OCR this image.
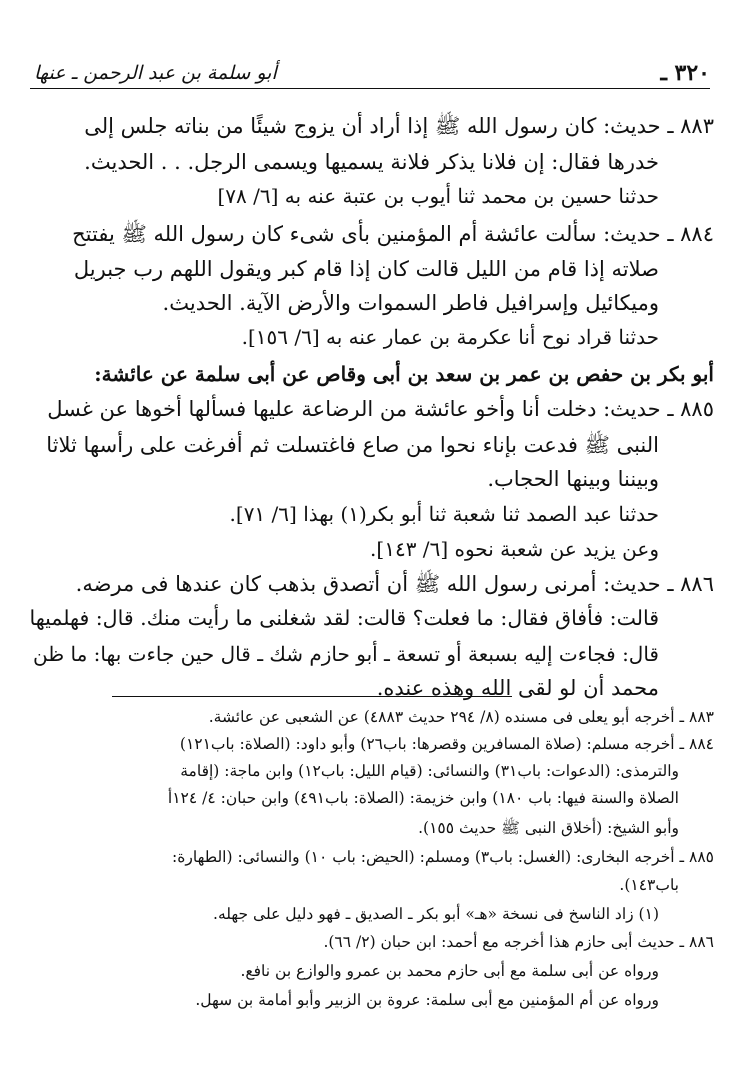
٣٢٠ ـ
أبو سلمة بن عبد الرحمن ـ عنها
٨٨٣ ـ حديث: كان رسول الله ﷺ إذا أراد أن يزوج شيئًا من بناته جلس إلى
خدرها فقال: إن فلانا يذكر فلانة يسميها ويسمى الرجل. . . الحديث.
حدثنا حسين بن محمد ثنا أيوب بن عتبة عنه به [٦/ ٧٨]
٨٨٤ ـ حديث: سألت عائشة أم المؤمنين بأى شىء كان رسول الله ﷺ يفتتح
صلاته إذا قام من الليل قالت كان إذا قام كبر ويقول اللهم رب جبريل
وميكائيل وإسرافيل فاطر السموات والأرض الآية. الحديث.
حدثنا قراد نوح أنا عكرمة بن عمار عنه به [٦/ ١٥٦].
أبو بكر بن حفص بن عمر بن سعد بن أبى وقاص عن أبى سلمة عن عائشة:
٨٨٥ ـ حديث: دخلت أنا وأخو عائشة من الرضاعة عليها فسألها أخوها عن غسل
النبى ﷺ فدعت بإناء نحوا من صاع فاغتسلت ثم أفرغت على رأسها ثلاثا
وبيننا وبينها الحجاب.
حدثنا عبد الصمد ثنا شعبة ثنا أبو بكر(١) بهذا [٦/ ٧١].
وعن يزيد عن شعبة نحوه [٦/ ١٤٣].
٨٨٦ ـ حديث: أمرنى رسول الله ﷺ أن أتصدق بذهب كان عندها فى مرضه.
قالت: فأفاق فقال: ما فعلت؟ قالت: لقد شغلنى ما رأيت منك. قال: فهلميها
قال: فجاءت إليه بسبعة أو تسعة ـ أبو حازم شك ـ قال حين جاءت بها: ما ظن
محمد أن لو لقى الله وهذه عنده.
٨٨٣ ـ أخرجه أبو يعلى فى مسنده (٨/ ٢٩٤ حديث ٤٨٨٣) عن الشعبى عن عائشة.
٨٨٤ ـ أخرجه مسلم: (صلاة المسافرين وقصرها: باب٢٦) وأبو داود: (الصلاة: باب١٢١)
والترمذى: (الدعوات: باب٣١) والنسائى: (قيام الليل: باب١٢) وابن ماجة: (إقامة
الصلاة والسنة فيها: باب ١٨٠) وابن خزيمة: (الصلاة: باب٤٩١) وابن حبان: ٤/ ١٢٤أ
وأبو الشيخ: (أخلاق النبى ﷺ حديث ١٥٥).
٨٨٥ ـ أخرجه البخارى: (الغسل: باب٣) ومسلم: (الحيض: باب ١٠) والنسائى: (الطهارة:
باب١٤٣).
(١) زاد الناسخ فى نسخة «هـ» أبو بكر ـ الصديق ـ فهو دليل على جهله.
٨٨٦ ـ حديث أبى حازم هذا أخرجه مع أحمد: ابن حبان (٢/ ٦٦).
ورواه عن أبى سلمة مع أبى حازم محمد بن عمرو والوازع بن نافع.
ورواه عن أم المؤمنين مع أبى سلمة: عروة بن الزبير وأبو أمامة بن سهل.
